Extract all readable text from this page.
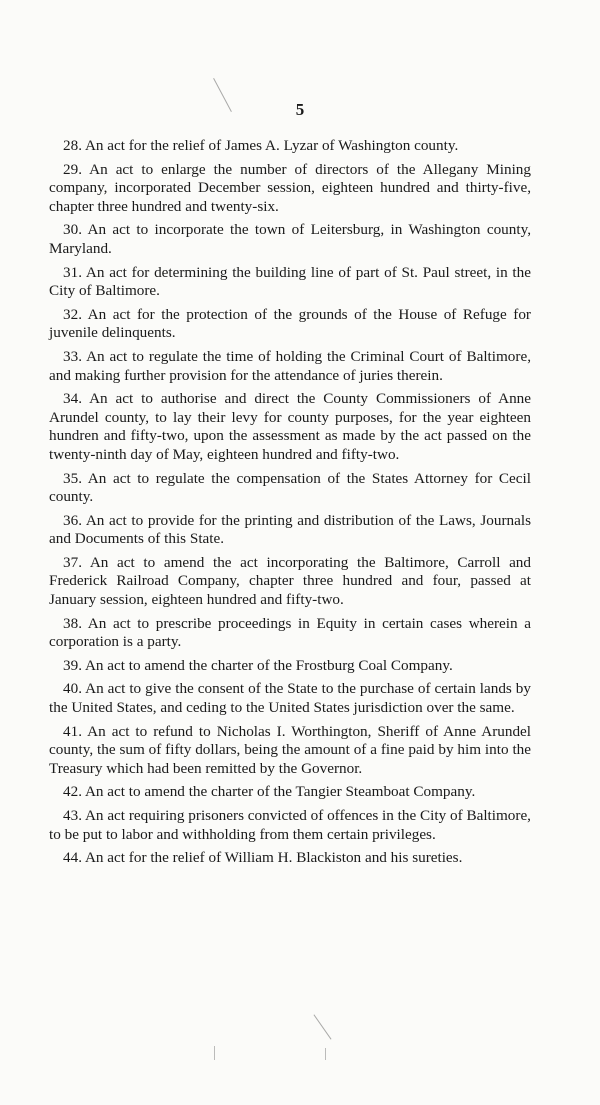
5

28. An act for the relief of James A. Lyzar of Washington county.

29. An act to enlarge the number of directors of the Allegany Mining company, incorporated December session, eighteen hundred and thirty-five, chapter three hundred and twenty-six.

30. An act to incorporate the town of Leitersburg, in Washington county, Maryland.

31. An act for determining the building line of part of St. Paul street, in the City of Baltimore.

32. An act for the protection of the grounds of the House of Refuge for juvenile delinquents.

33. An act to regulate the time of holding the Criminal Court of Baltimore, and making further provision for the attendance of juries therein.

34. An act to authorise and direct the County Commissioners of Anne Arundel county, to lay their levy for county purposes, for the year eighteen hundren and fifty-two, upon the assessment as made by the act passed on the twenty-ninth day of May, eighteen hundred and fifty-two.

35. An act to regulate the compensation of the States Attorney for Cecil county.

36. An act to provide for the printing and distribution of the Laws, Journals and Documents of this State.

37. An act to amend the act incorporating the Baltimore, Carroll and Frederick Railroad Company, chapter three hundred and four, passed at January session, eighteen hundred and fifty-two.

38. An act to prescribe proceedings in Equity in certain cases wherein a corporation is a party.

39. An act to amend the charter of the Frostburg Coal Company.

40. An act to give the consent of the State to the purchase of certain lands by the United States, and ceding to the United States jurisdiction over the same.

41. An act to refund to Nicholas I. Worthington, Sheriff of Anne Arundel county, the sum of fifty dollars, being the amount of a fine paid by him into the Treasury which had been remitted by the Governor.

42. An act to amend the charter of the Tangier Steamboat Company.

43. An act requiring prisoners convicted of offences in the City of Baltimore, to be put to labor and withholding from them certain privileges.

44. An act for the relief of William H. Blackiston and his sureties.
